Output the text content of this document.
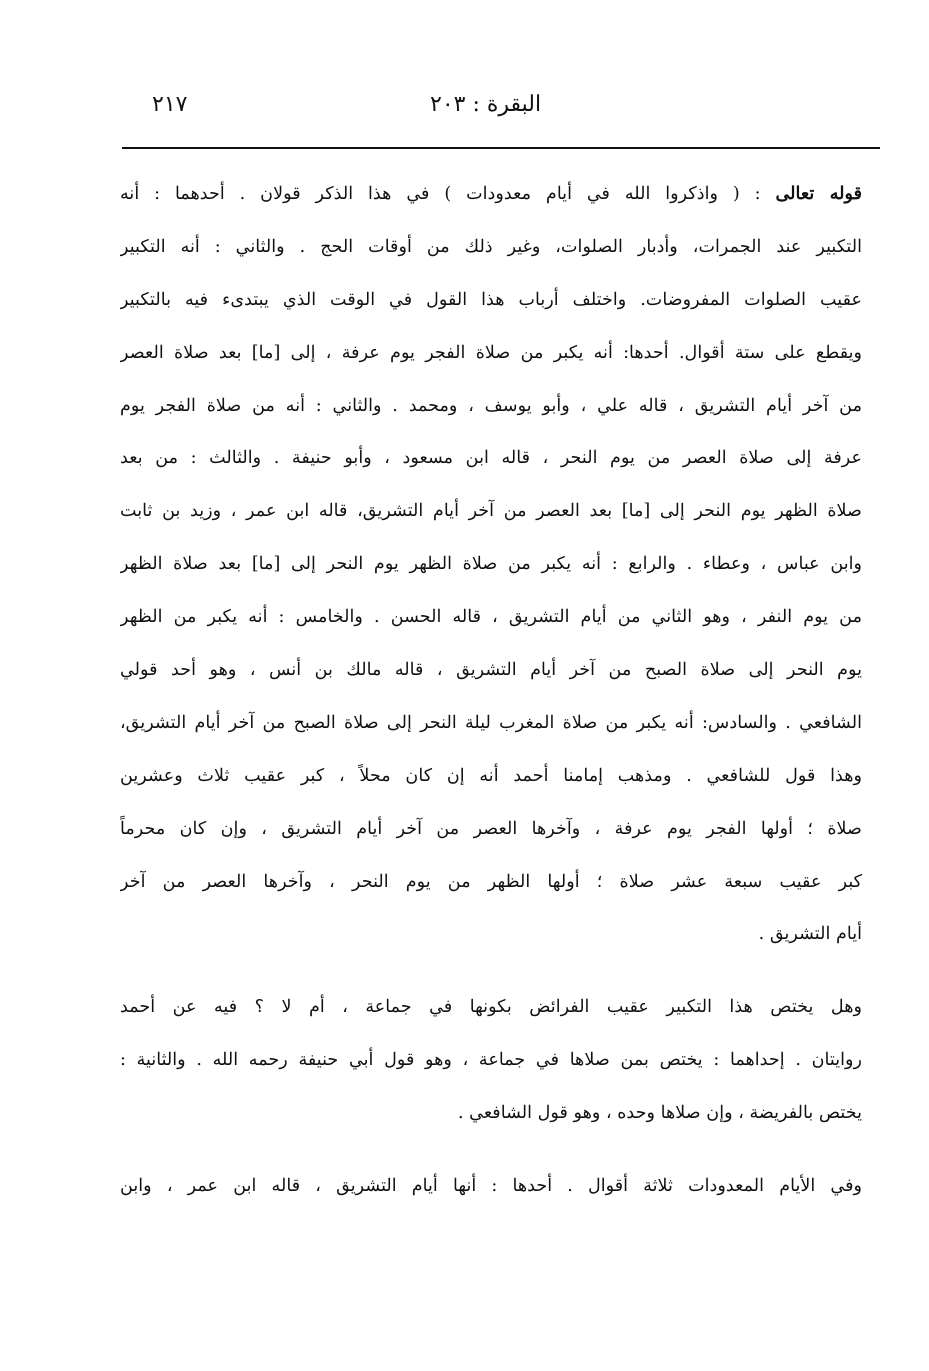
٢١٧	البقرة : ٢٠٣
قوله تعالى : ( واذكروا الله في أيام معدودات ) في هذا الذكر قولان . أحدهما : أنه
التكبير عند الجمرات، وأدبار الصلوات، وغير ذلك من أوقات الحج . والثاني : أنه التكبير
عقيب الصلوات المفروضات. واختلف أرباب هذا القول في الوقت الذي يبتدىء فيه بالتكبير
ويقطع على ستة أقوال. أحدها: أنه يكبر من صلاة الفجر يوم عرفة ، إلى [ما] بعد صلاة العصر
من آخر أيام التشريق ، قاله علي ، وأبو يوسف ، ومحمد . والثاني : أنه من صلاة الفجر يوم
عرفة إلى صلاة العصر من يوم النحر ، قاله ابن مسعود ، وأبو حنيفة . والثالث : من بعد
صلاة الظهر يوم النحر إلى [ما] بعد العصر من آخر أيام التشريق، قاله ابن عمر ، وزيد بن ثابت
وابن عباس ، وعطاء . والرابع : أنه يكبر من صلاة الظهر يوم النحر إلى [ما] بعد صلاة الظهر
من يوم النفر ، وهو الثاني من أيام التشريق ، قاله الحسن . والخامس : أنه يكبر من الظهر
يوم النحر إلى صلاة الصبح من آخر أيام التشريق ، قاله مالك بن أنس ، وهو أحد قولي
الشافعي . والسادس: أنه يكبر من صلاة المغرب ليلة النحر إلى صلاة الصبح من آخر أيام التشريق،
وهذا قول للشافعي . ومذهب إمامنا أحمد أنه إن كان محلاً ، كبر عقيب ثلاث وعشرين
صلاة ؛ أولها الفجر يوم عرفة ، وآخرها العصر من آخر أيام التشريق ، وإن كان محرماً
كبر عقيب سبعة عشر صلاة ؛ أولها الظهر من يوم النحر ، وآخرها العصر من آخر
أيام التشريق .
وهل يختص هذا التكبير عقيب الفرائض بكونها في جماعة ، أم لا ؟ فيه عن أحمد
روايتان . إحداهما : يختص بمن صلاها في جماعة ، وهو قول أبي حنيفة رحمه الله . والثانية :
يختص بالفريضة ، وإن صلاها وحده ، وهو قول الشافعي .
وفي الأيام المعدودات ثلاثة أقوال . أحدها : أنها أيام التشريق ، قاله ابن عمر ، وابن
